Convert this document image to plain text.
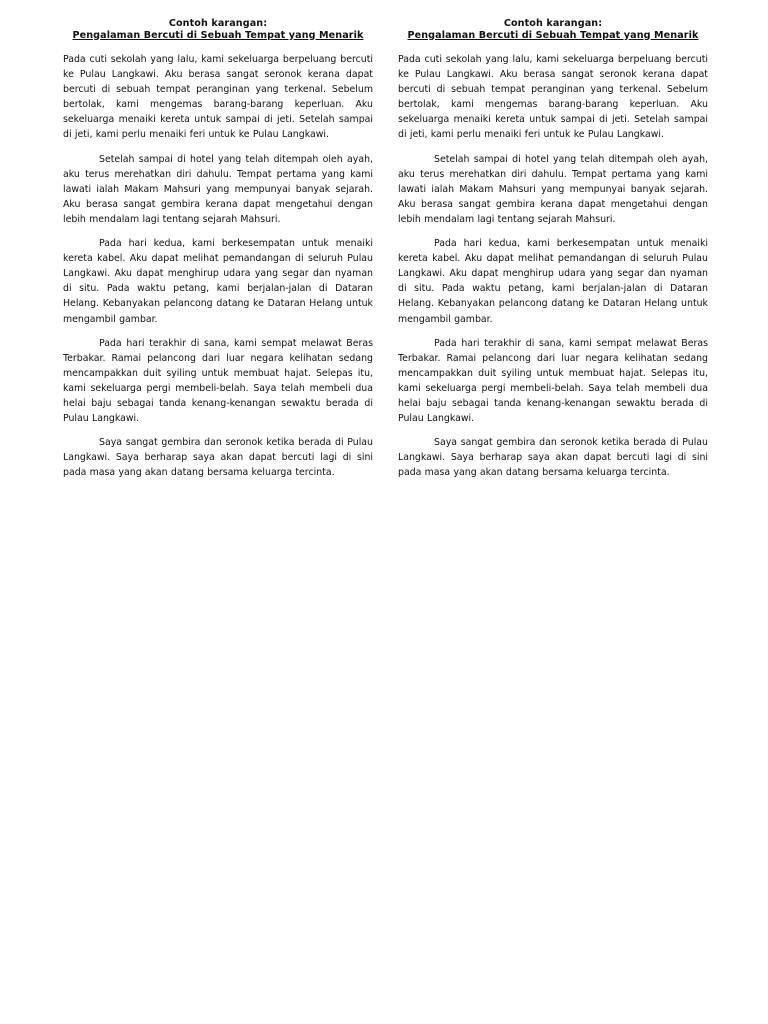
Contoh karangan:
Pengalaman Bercuti di Sebuah Tempat yang Menarik

Pada cuti sekolah yang lalu, kami sekeluarga berpeluang bercuti ke Pulau Langkawi. Aku berasa sangat seronok kerana dapat bercuti di sebuah tempat peranginan yang terkenal. Sebelum bertolak, kami mengemas barang-barang keperluan. Aku sekeluarga menaiki kereta untuk sampai di jeti. Setelah sampai di jeti, kami perlu menaiki feri untuk ke Pulau Langkawi.

Setelah sampai di hotel yang telah ditempah oleh ayah, aku terus merehatkan diri dahulu. Tempat pertama yang kami lawati ialah Makam Mahsuri yang mempunyai banyak sejarah. Aku berasa sangat gembira kerana dapat mengetahui dengan lebih mendalam lagi tentang sejarah Mahsuri.

Pada hari kedua, kami berkesempatan untuk menaiki kereta kabel. Aku dapat melihat pemandangan di seluruh Pulau Langkawi. Aku dapat menghirup udara yang segar dan nyaman di situ. Pada waktu petang, kami berjalan-jalan di Dataran Helang. Kebanyakan pelancong datang ke Dataran Helang untuk mengambil gambar.

Pada hari terakhir di sana, kami sempat melawat Beras Terbakar. Ramai pelancong dari luar negara kelihatan sedang mencampakkan duit syiling untuk membuat hajat. Selepas itu, kami sekeluarga pergi membeli-belah. Saya telah membeli dua helai baju sebagai tanda kenang-kenangan sewaktu berada di Pulau Langkawi.

Saya sangat gembira dan seronok ketika berada di Pulau Langkawi. Saya berharap saya akan dapat bercuti lagi di sini pada masa yang akan datang bersama keluarga tercinta.

Contoh karangan:
Pengalaman Bercuti di Sebuah Tempat yang Menarik

Pada cuti sekolah yang lalu, kami sekeluarga berpeluang bercuti ke Pulau Langkawi. Aku berasa sangat seronok kerana dapat bercuti di sebuah tempat peranginan yang terkenal. Sebelum bertolak, kami mengemas barang-barang keperluan. Aku sekeluarga menaiki kereta untuk sampai di jeti. Setelah sampai di jeti, kami perlu menaiki feri untuk ke Pulau Langkawi.

Setelah sampai di hotel yang telah ditempah oleh ayah, aku terus merehatkan diri dahulu. Tempat pertama yang kami lawati ialah Makam Mahsuri yang mempunyai banyak sejarah. Aku berasa sangat gembira kerana dapat mengetahui dengan lebih mendalam lagi tentang sejarah Mahsuri.

Pada hari kedua, kami berkesempatan untuk menaiki kereta kabel. Aku dapat melihat pemandangan di seluruh Pulau Langkawi. Aku dapat menghirup udara yang segar dan nyaman di situ. Pada waktu petang, kami berjalan-jalan di Dataran Helang. Kebanyakan pelancong datang ke Dataran Helang untuk mengambil gambar.

Pada hari terakhir di sana, kami sempat melawat Beras Terbakar. Ramai pelancong dari luar negara kelihatan sedang mencampakkan duit syiling untuk membuat hajat. Selepas itu, kami sekeluarga pergi membeli-belah. Saya telah membeli dua helai baju sebagai tanda kenang-kenangan sewaktu berada di Pulau Langkawi.

Saya sangat gembira dan seronok ketika berada di Pulau Langkawi. Saya berharap saya akan dapat bercuti lagi di sini pada masa yang akan datang bersama keluarga tercinta.
